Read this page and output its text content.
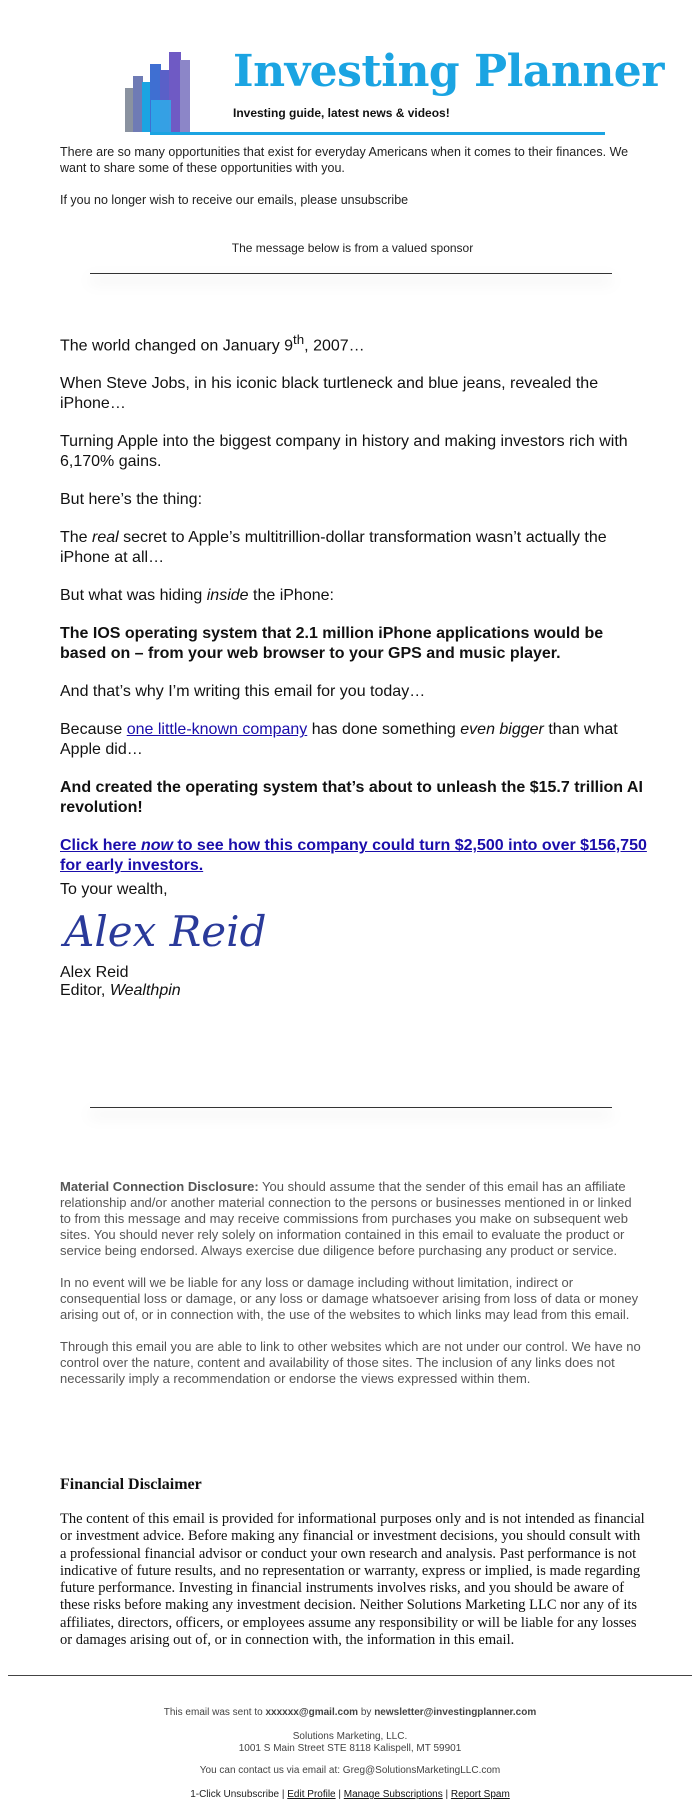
Investing Planner
Investing guide, latest news & videos!
There are so many opportunities that exist for everyday Americans when it comes to their finances. We want to share some of these opportunities with you.
If you no longer wish to receive our emails, please unsubscribe
The message below is from a valued sponsor

The world changed on January 9th, 2007…

When Steve Jobs, in his iconic black turtleneck and blue jeans, revealed the iPhone…

Turning Apple into the biggest company in history and making investors rich with 6,170% gains.

But here’s the thing:

The real secret to Apple’s multitrillion-dollar transformation wasn’t actually the iPhone at all…

But what was hiding inside the iPhone:

The IOS operating system that 2.1 million iPhone applications would be based on – from your web browser to your GPS and music player.

And that’s why I’m writing this email for you today…

Because one little-known company has done something even bigger than what Apple did…

And created the operating system that’s about to unleash the $15.7 trillion AI revolution!

Click here now to see how this company could turn $2,500 into over $156,750 for early investors.

To your wealth,
Alex Reid
Alex Reid
Editor, Wealthpin

Material Connection Disclosure: You should assume that the sender of this email has an affiliate relationship and/or another material connection to the persons or businesses mentioned in or linked to from this message and may receive commissions from purchases you make on subsequent web sites. You should never rely solely on information contained in this email to evaluate the product or service being endorsed. Always exercise due diligence before purchasing any product or service.

In no event will we be liable for any loss or damage including without limitation, indirect or consequential loss or damage, or any loss or damage whatsoever arising from loss of data or money arising out of, or in connection with, the use of the websites to which links may lead from this email.

Through this email you are able to link to other websites which are not under our control. We have no control over the nature, content and availability of those sites. The inclusion of any links does not necessarily imply a recommendation or endorse the views expressed within them.

Financial Disclaimer

The content of this email is provided for informational purposes only and is not intended as financial or investment advice. Before making any financial or investment decisions, you should consult with a professional financial advisor or conduct your own research and analysis. Past performance is not indicative of future results, and no representation or warranty, express or implied, is made regarding future performance. Investing in financial instruments involves risks, and you should be aware of these risks before making any investment decision. Neither Solutions Marketing LLC nor any of its affiliates, directors, officers, or employees assume any responsibility or will be liable for any losses or damages arising out of, or in connection with, the information in this email.

This email was sent to xxxxxx@gmail.com by newsletter@investingplanner.com
Solutions Marketing, LLC.
1001 S Main Street STE 8118 Kalispell, MT 59901
You can contact us via email at: Greg@SolutionsMarketingLLC.com
1-Click Unsubscribe | Edit Profile | Manage Subscriptions | Report Spam
